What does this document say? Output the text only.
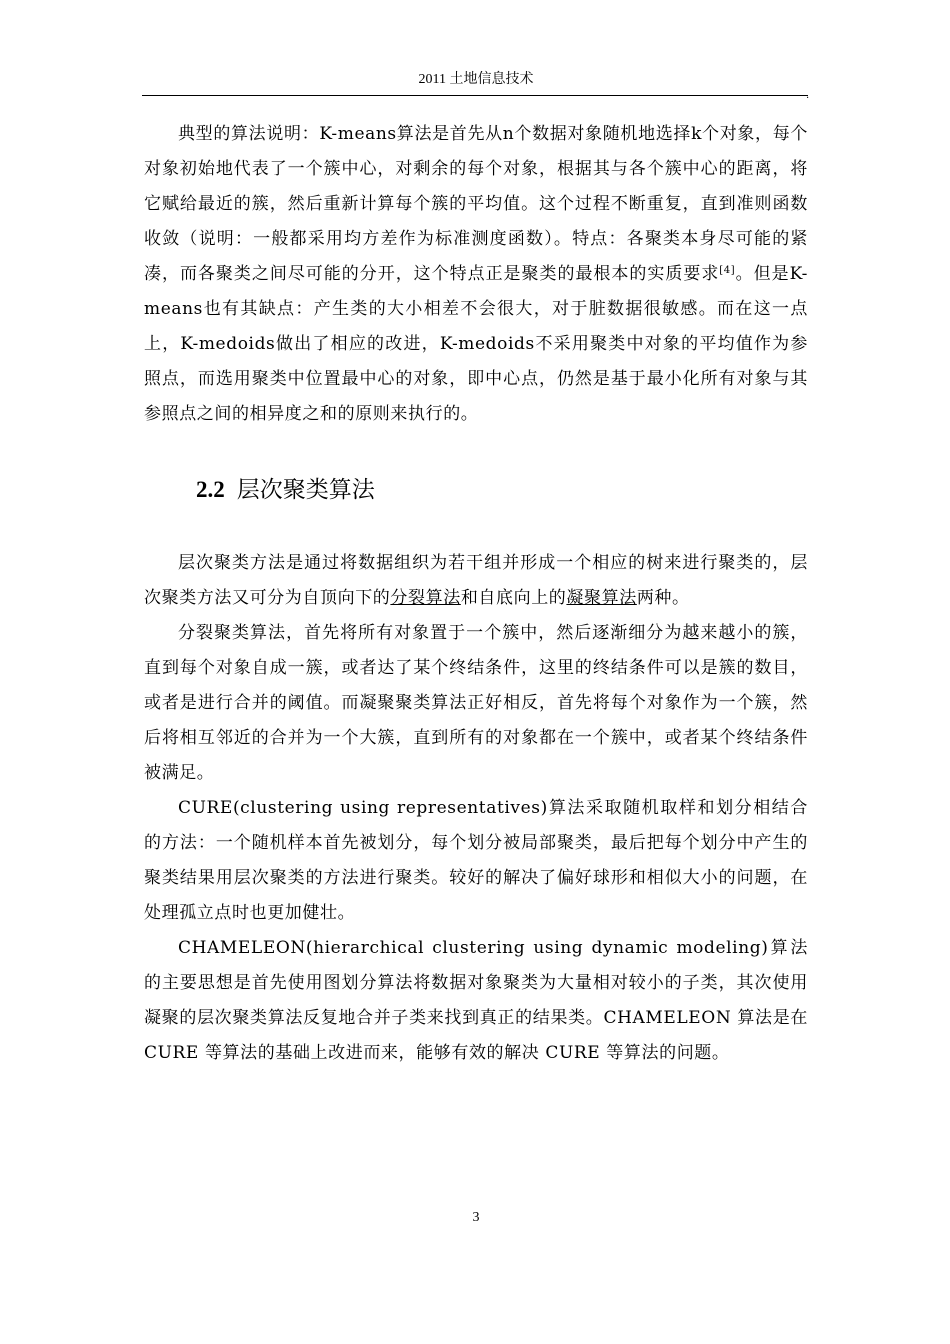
2011 土地信息技术
.

典型的算法说明：K-means算法是首先从n个数据对象随机地选择k个对象，每个对象初始地代表了一个簇中心，对剩余的每个对象，根据其与各个簇中心的距离，将它赋给最近的簇，然后重新计算每个簇的平均值。这个过程不断重复，直到准则函数收敛（说明：一般都采用均方差作为标准测度函数）。特点：各聚类本身尽可能的紧凑，而各聚类之间尽可能的分开，这个特点正是聚类的最根本的实质要求[4]。但是K-means也有其缺点：产生类的大小相差不会很大，对于脏数据很敏感。而在这一点上，K-medoids做出了相应的改进，K-medoids不采用聚类中对象的平均值作为参照点，而选用聚类中位置最中心的对象，即中心点，仍然是基于最小化所有对象与其参照点之间的相异度之和的原则来执行的。

2.2 层次聚类算法

层次聚类方法是通过将数据组织为若干组并形成一个相应的树来进行聚类的，层次聚类方法又可分为自顶向下的分裂算法和自底向上的凝聚算法两种。

分裂聚类算法，首先将所有对象置于一个簇中，然后逐渐细分为越来越小的簇，直到每个对象自成一簇，或者达了某个终结条件，这里的终结条件可以是簇的数目，或者是进行合并的阈值。而凝聚聚类算法正好相反，首先将每个对象作为一个簇，然后将相互邻近的合并为一个大簇，直到所有的对象都在一个簇中，或者某个终结条件被满足。

CURE(clustering using representatives)算法采取随机取样和划分相结合的方法：一个随机样本首先被划分，每个划分被局部聚类，最后把每个划分中产生的聚类结果用层次聚类的方法进行聚类。较好的解决了偏好球形和相似大小的问题，在处理孤立点时也更加健壮。

CHAMELEON(hierarchical clustering using dynamic modeling)算法的主要思想是首先使用图划分算法将数据对象聚类为大量相对较小的子类，其次使用凝聚的层次聚类算法反复地合并子类来找到真正的结果类。CHAMELEON 算法是在CURE 等算法的基础上改进而来，能够有效的解决 CURE 等算法的问题。

3
